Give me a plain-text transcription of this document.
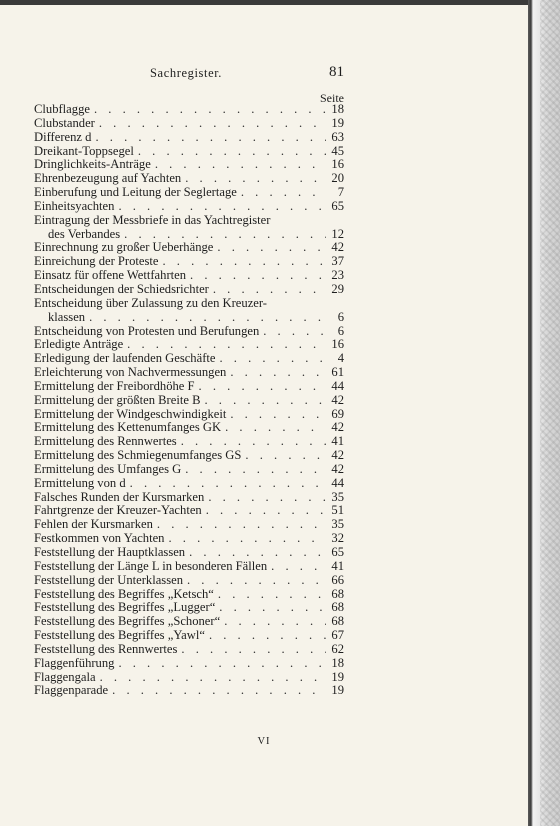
Sachregister.	81
Seite
Clubflagge . . .	18
Clubstander . . .	19
Differenz d . . .	63
Dreikant-Toppsegel . . .	45
Dringlichkeits-Anträge . . .	16
Ehrenbezeugung auf Yachten . . .	20
Einberufung und Leitung der Seglertage . . .	7
Einheitsyachten . . .	65
Eintragung der Messbriefe in das Yachtregister
des Verbandes . . .	12
Einrechnung zu großer Ueberhänge . . .	42
Einreichung der Proteste . . .	37
Einsatz für offene Wettfahrten . . .	23
Entscheidungen der Schiedsrichter . . .	29
Entscheidung über Zulassung zu den Kreuzer-
klassen . . .	6
Entscheidung von Protesten und Berufungen . . .	6
Erledigte Anträge . . .	16
Erledigung der laufenden Geschäfte . . .	4
Erleichterung von Nachvermessungen . . .	61
Ermittelung der Freibordhöhe F . . .	44
Ermittelung der größten Breite B . . .	42
Ermittelung der Windgeschwindigkeit . . .	69
Ermittelung des Kettenumfanges GK . . .	42
Ermittelung des Rennwertes . . .	41
Ermittelung des Schmiegenumfanges GS . . .	42
Ermittelung des Umfanges G . . .	42
Ermittelung von d . . .	44
Falsches Runden der Kursmarken . . .	35
Fahrtgrenze der Kreuzer-Yachten . . .	51
Fehlen der Kursmarken . . .	35
Festkommen von Yachten . . .	32
Feststellung der Hauptklassen . . .	65
Feststellung der Länge L in besonderen Fällen . . .	41
Feststellung der Unterklassen . . .	66
Feststellung des Begriffes „Ketsch“ . . .	68
Feststellung des Begriffes „Lugger“ . . .	68
Feststellung des Begriffes „Schoner“ . . .	68
Feststellung des Begriffes „Yawl“ . . .	67
Feststellung des Rennwertes . . .	62
Flaggenführung . . .	18
Flaggengala . . .	19
Flaggenparade . . .	19
VI
